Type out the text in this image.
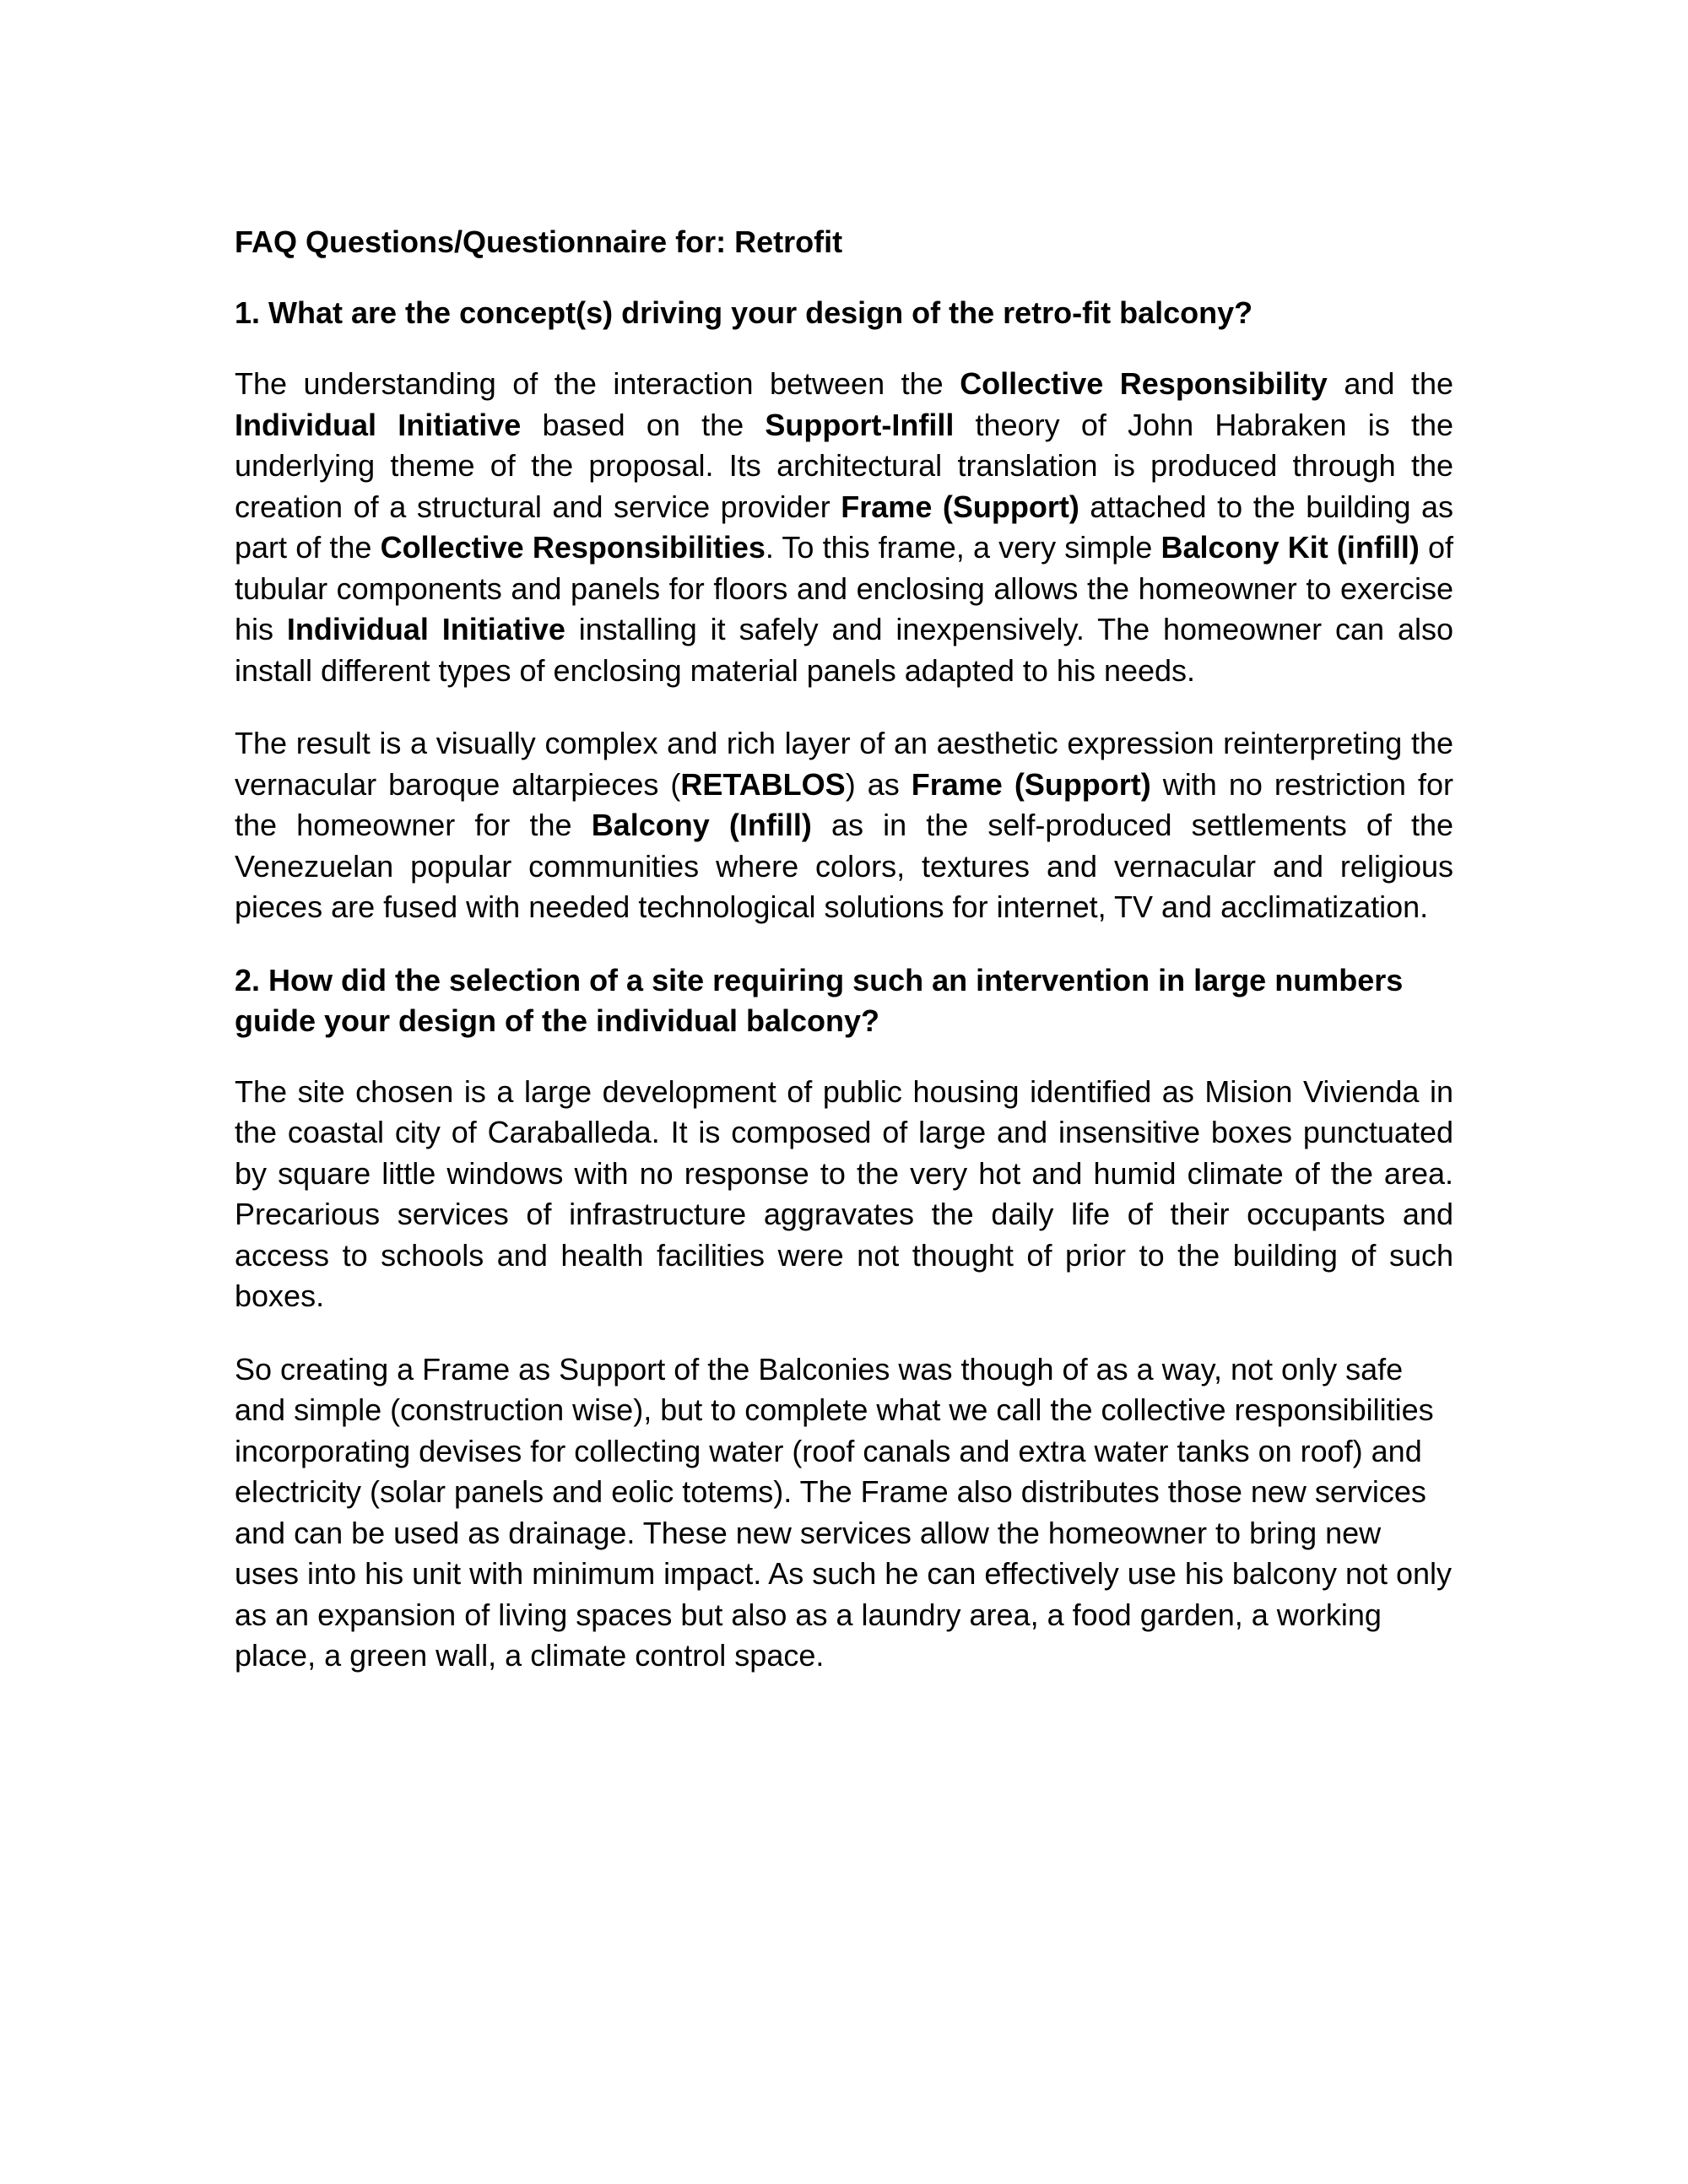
FAQ Questions/Questionnaire for: Retrofit

1. What are the concept(s) driving your design of the retro-fit balcony?

The understanding of the interaction between the Collective Responsibility and the Individual Initiative based on the Support-Infill theory of John Habraken is the underlying theme of the proposal. Its architectural translation is produced through the creation of a structural and service provider Frame (Support) attached to the building as part of the Collective Responsibilities. To this frame, a very simple Balcony Kit (infill) of tubular components and panels for floors and enclosing allows the homeowner to exercise his Individual Initiative installing it safely and inexpensively. The homeowner can also install different types of enclosing material panels adapted to his needs.

The result is a visually complex and rich layer of an aesthetic expression reinterpreting the vernacular baroque altarpieces (RETABLOS) as Frame (Support) with no restriction for the homeowner for the Balcony (Infill) as in the self-produced settlements of the Venezuelan popular communities where colors, textures and vernacular and religious pieces are fused with needed technological solutions for internet, TV and acclimatization.

2. How did the selection of a site requiring such an intervention in large numbers guide your design of the individual balcony?

The site chosen is a large development of public housing identified as Mision Vivienda in the coastal city of Caraballeda. It is composed of large and insensitive boxes punctuated by square little windows with no response to the very hot and humid climate of the area. Precarious services of infrastructure aggravates the daily life of their occupants and access to schools and health facilities were not thought of prior to the building of such boxes.

So creating a Frame as Support of the Balconies was though of as a way, not only safe and simple (construction wise), but to complete what we call the collective responsibilities incorporating devises for collecting water (roof canals and extra water tanks on roof) and electricity (solar panels and eolic totems). The Frame also distributes those new services and can be used as drainage. These new services allow the homeowner to bring new uses into his unit with minimum impact. As such he can effectively use his balcony not only as an expansion of living spaces but also as a laundry area, a food garden, a working place, a green wall, a climate control space.
